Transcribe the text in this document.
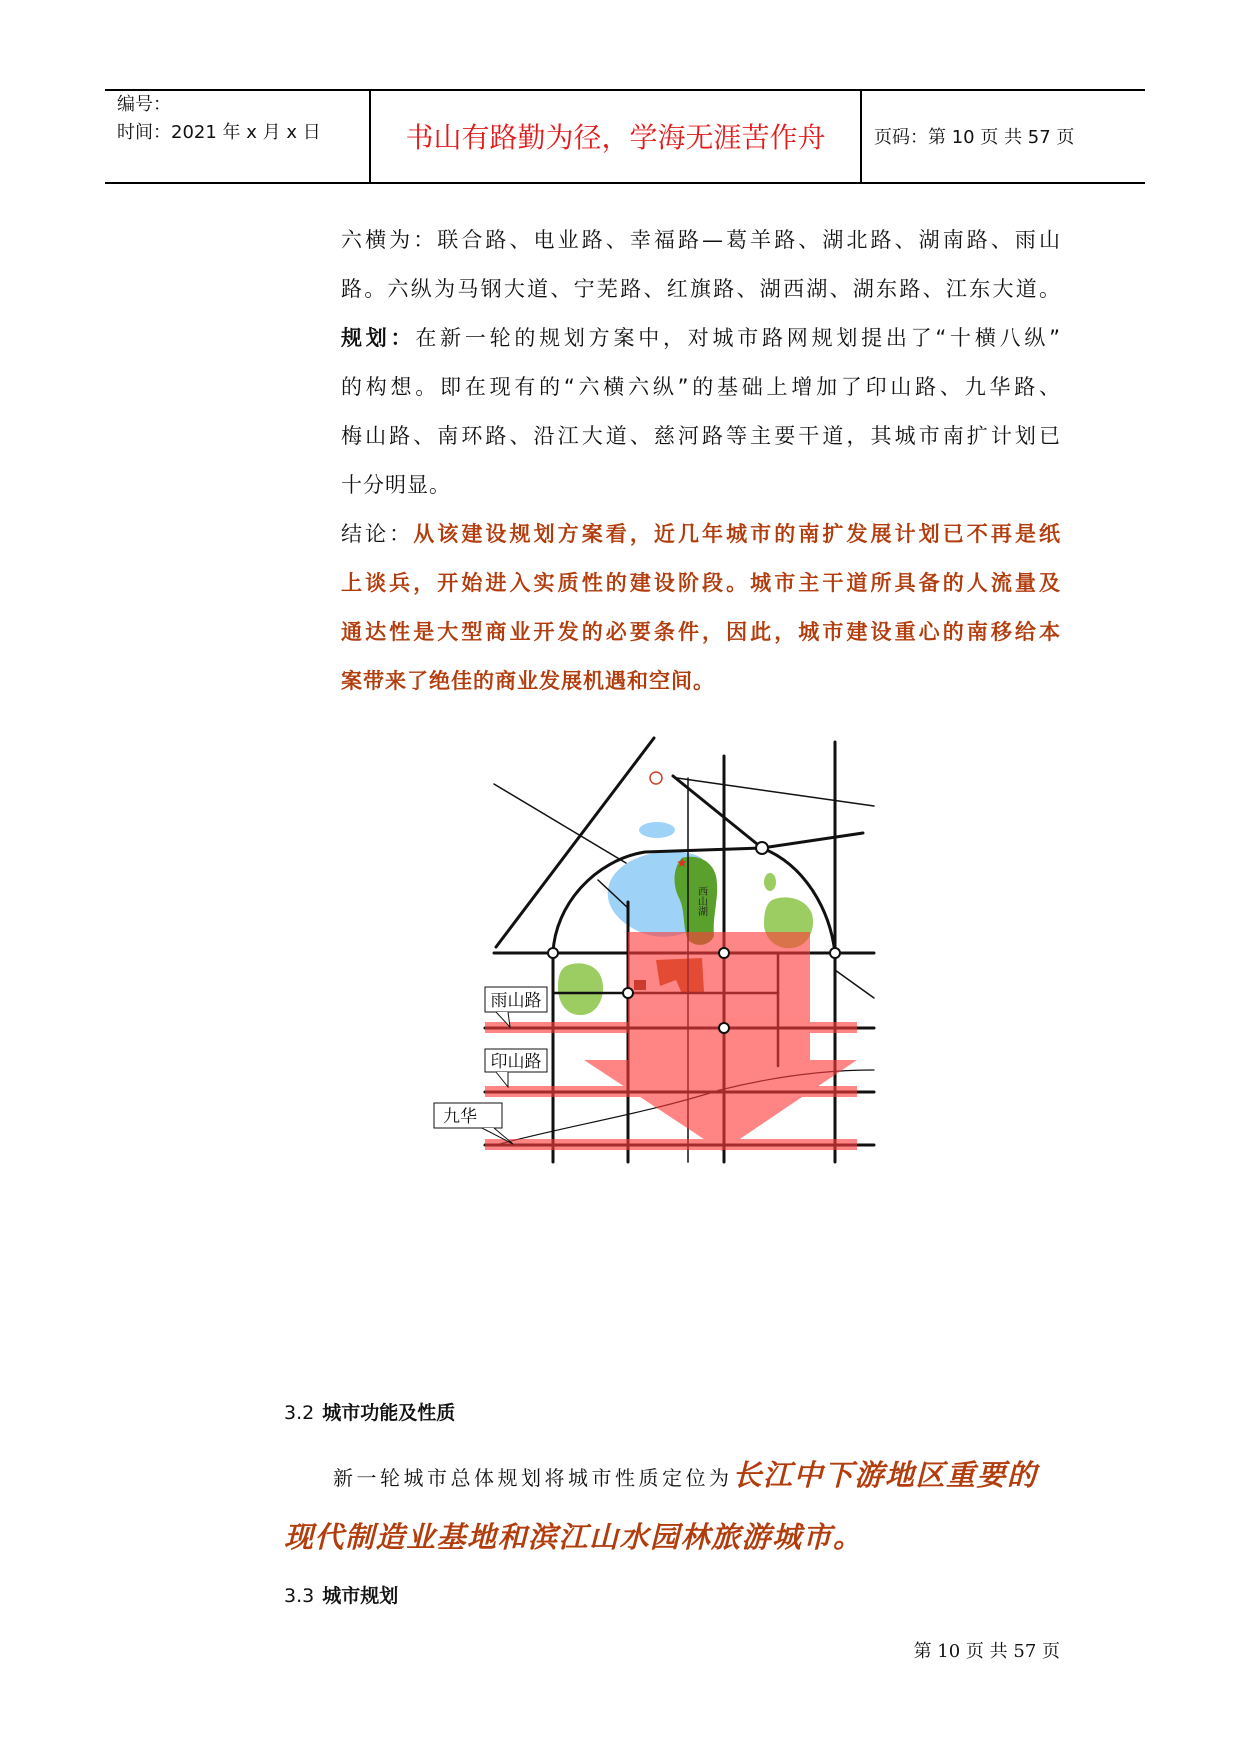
编号：
时间：2021 年 x 月 x 日	书山有路勤为径，学海无涯苦作舟	页码：第 10 页 共 57 页
六横为：联合路、电业路、幸福路—葛羊路、湖北路、湖南路、雨山
路。六纵为马钢大道、宁芜路、红旗路、湖西湖、湖东路、江东大道。
规划：在新一轮的规划方案中，对城市路网规划提出了“十横八纵”
的构想。即在现有的“六横六纵”的基础上增加了印山路、九华路、
梅山路、南环路、沿江大道、慈河路等主要干道，其城市南扩计划已
十分明显。
结论：从该建设规划方案看，近几年城市的南扩发展计划已不再是纸
上谈兵，开始进入实质性的建设阶段。城市主干道所具备的人流量及
通达性是大型商业开发的必要条件，因此，城市建设重心的南移给本
案带来了绝佳的商业发展机遇和空间。
西山湖
雨山路
印山路
九华
3.2 城市功能及性质
新一轮城市总体规划将城市性质定位为 长江中下游地区重要的
现代制造业基地和滨江山水园林旅游城市。
3.3 城市规划
第 10 页 共 57 页
